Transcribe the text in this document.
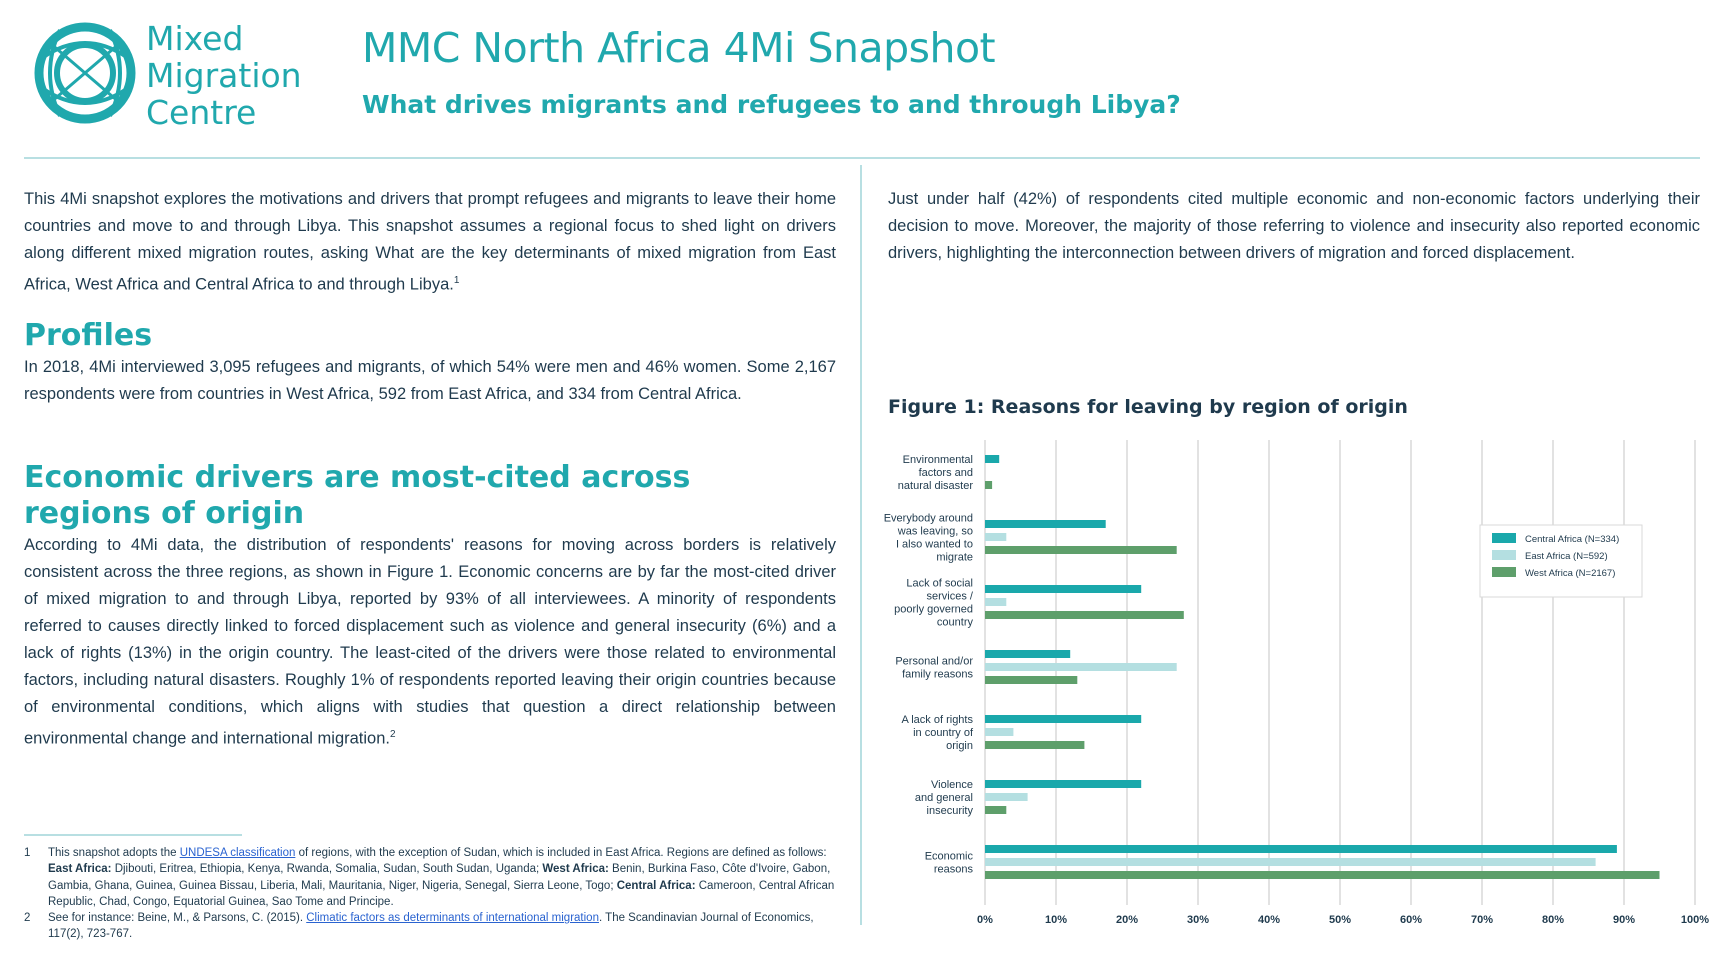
Mixed
Migration
Centre
MMC North Africa 4Mi Snapshot
What drives migrants and refugees to and through Libya?

This 4Mi snapshot explores the motivations and drivers that prompt refugees and migrants to leave their home countries and move to and through Libya. This snapshot assumes a regional focus to shed light on drivers along different mixed migration routes, asking What are the key determinants of mixed migration from East Africa, West Africa and Central Africa to and through Libya.$^1$

Profiles

In 2018, 4Mi interviewed 3,095 refugees and migrants, of which 54% were men and 46% women. Some 2,167 respondents were from countries in West Africa, 592 from East Africa, and 334 from Central Africa.

Economic drivers are most-cited across
regions of origin

According to 4Mi data, the distribution of respondents' reasons for moving across borders is relatively consistent across the three regions, as shown in Figure 1. Economic concerns are by far the most-cited driver of mixed migration to and through Libya, reported by 93% of all interviewees. A minority of respondents referred to causes directly linked to forced displacement such as violence and general insecurity (6%) and a lack of rights (13%) in the origin country. The least-cited of the drivers were those related to environmental factors, including natural disasters. Roughly 1% of respondents reported leaving their origin countries because of environmental conditions, which aligns with studies that question a direct relationship between environmental change and international migration.$^2$

1	This snapshot adopts the UNDESA classification of regions, with the exception of Sudan, which is included in East Africa. Regions are defined as follows: East Africa: Djibouti, Eritrea, Ethiopia, Kenya, Rwanda, Somalia, Sudan, South Sudan, Uganda; West Africa: Benin, Burkina Faso, Côte d'Ivoire, Gabon, Gambia, Ghana, Guinea, Guinea Bissau, Liberia, Mali, Mauritania, Niger, Nigeria, Senegal, Sierra Leone, Togo; Central Africa: Cameroon, Central African Republic, Chad, Congo, Equatorial Guinea, Sao Tome and Principe.
2	See for instance: Beine, M., & Parsons, C. (2015). Climatic factors as determinants of international migration. The Scandinavian Journal of Economics, 117(2), 723-767.

Just under half (42%) of respondents cited multiple economic and non-economic factors underlying their decision to move. Moreover, the majority of those referring to violence and insecurity also reported economic drivers, highlighting the interconnection between drivers of migration and forced displacement.

Figure 1: Reasons for leaving by region of origin
Environmental factors and natural disaster
Everybody around was leaving, so I also wanted to migrate
Lack of social services / poorly governed country
Personal and/or family reasons
A lack of rights in country of origin
Violence and general insecurity
Economic reasons
0%	10%	20%	30%	40%	50%	60%	70%	80%	90%	100%
Central Africa (N=334)
East Africa (N=592)
West Africa (N=2167)
